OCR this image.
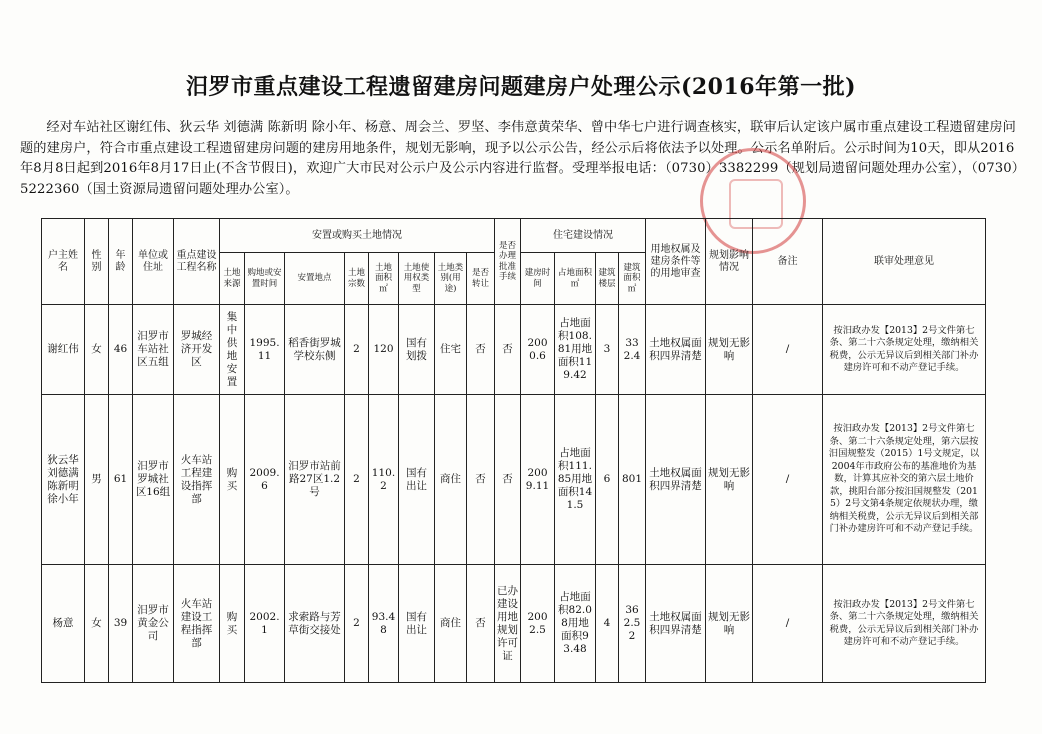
汨罗市重点建设工程遗留建房问题建房户处理公示(2016年第一批)
经对车站社区谢红伟、狄云华 刘德满 陈新明 除小年、杨意、周会兰、罗坚、李伟意黄荣华、曾中华七户进行调查核实，联审后认定该户属市重点建设工程遗留建房问题的建房户，符合市重点建设工程遗留建房问题的建房用地条件，规划无影响，现予以公示公告，经公示后将依法予以处理。公示名单附后。公示时间为10天，即从2016年8月8日起到2016年8月17日止(不含节假日)，欢迎广大市民对公示户及公示内容进行监督。受理举报电话：（0730）3382299（规划局遗留问题处理办公室），（0730）5222360（国土资源局遗留问题处理办公室）。
户主姓名	性别	年龄	单位或住址	重点建设工程名称	安置或购买土地情况								是否办理批准手续	住宅建设情况				用地权属及建房条件等的用地审查	规划影响情况	备注	联审处理意见
					土地来源	购地或安置时间	安置地点	土地宗数	土地面积㎡	土地使用权类型	土地类别(用途)	是否转让		建房时间	占地面积㎡	建筑楼层	建筑面积㎡				
谢红伟	女	46	汨罗市车站社区五组	罗城经济开发区	集中供地安置	1995.11	稻香街罗城学校东侧	2	120	国有划拨	住宅	否	否	2000.6	占地面积108.81用地面积119.42	3	332.4	土地权属面积四界清楚	规划无影响	/	按汨政办发【2013】2号文件第七条、第二十六条规定处理，缴纳相关税费，公示无异议后到相关部门补办建房许可和不动产登记手续。
狄云华刘德满陈新明徐小年	男	61	汨罗市罗城社区16组	火车站工程建设指挥部	购买	2009.6	汨罗市站前路27区1.2号	2	110.2	国有出让	商住	否	否	2009.11	占地面积111.85用地面积141.5	6	801	土地权属面积四界清楚	规划无影响	/	按汨政办发【2013】2号文件第七条、第二十六条规定处理，第六层按汨国规整发（2015）1号文规定，以2004年市政府公布的基准地价为基数，计算其应补交的第六层土地价款，挑阳台部分按汨国规整发（2015）2号文第4条规定依规状办理，缴纳相关税费，公示无异议后到相关部门补办建房许可和不动产登记手续。
杨意	女	39	汨罗市黄金公司	火车站建设工程指挥部	购买	2002.1	求索路与芳草街交接处	2	93.48	国有出让	商住	否	已办建设用地规划许可证	2002.5	占地面积82.08用地面积93.48	4	362.52	土地权属面积四界清楚	规划无影响	/	按汨政办发【2013】2号文件第七条、第二十六条规定处理，缴纳相关税费，公示无异议后到相关部门补办建房许可和不动产登记手续。
